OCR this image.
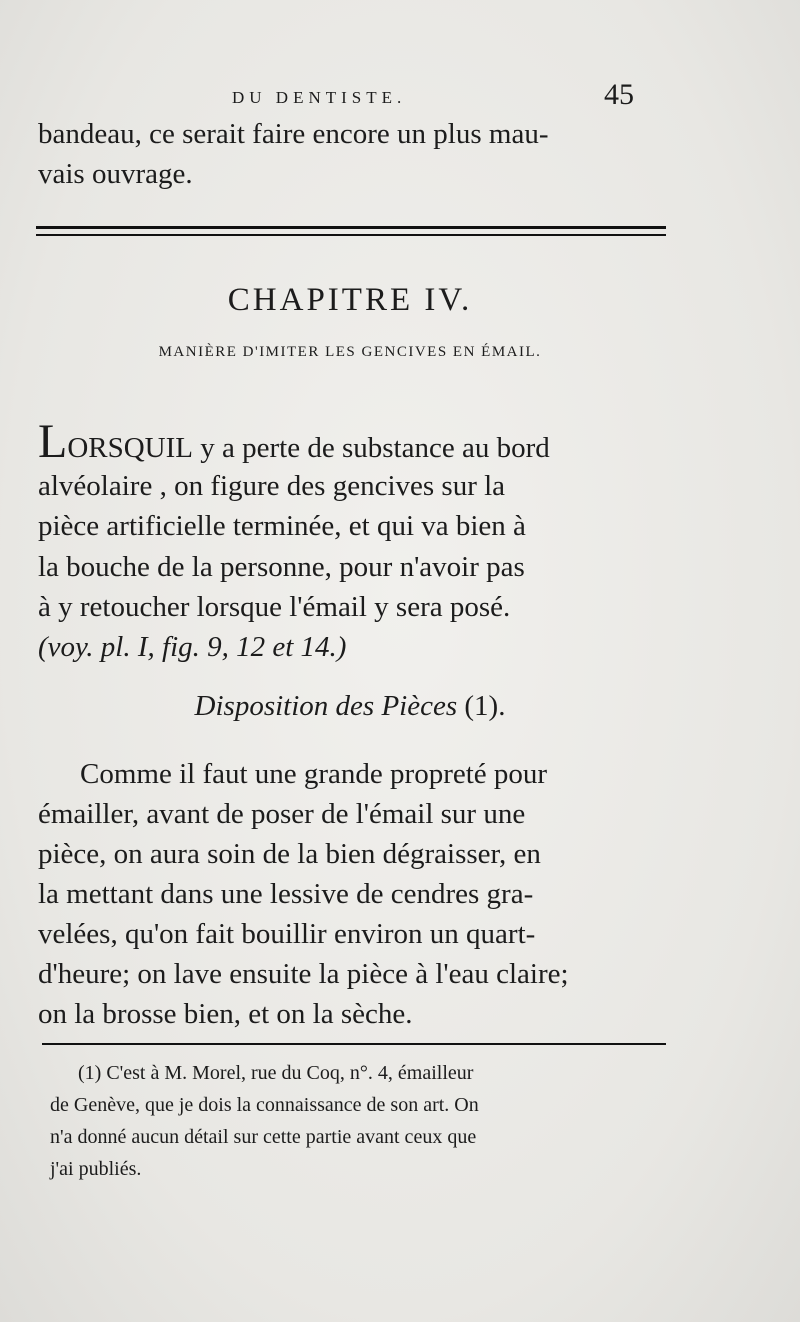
DU DENTISTE.	45
bandeau, ce serait faire encore un plus mau-
vais ouvrage.
CHAPITRE IV.
MANIÈRE D'IMITER LES GENCIVES EN ÉMAIL.
LORSQUIL y a perte de substance au bord
alvéolaire , on figure des gencives sur la
pièce artificielle terminée, et qui va bien à
la bouche de la personne, pour n'avoir pas
à y retoucher lorsque l'émail y sera posé.
(voy. pl. I, fig. 9, 12 et 14.)
Disposition des Pièces (1).
Comme il faut une grande propreté pour
émailler, avant de poser de l'émail sur une
pièce, on aura soin de la bien dégraisser, en
la mettant dans une lessive de cendres gra-
velées, qu'on fait bouillir environ un quart-
d'heure; on lave ensuite la pièce à l'eau claire;
on la brosse bien, et on la sèche.
(1) C'est à M. Morel, rue du Coq, n°. 4, émailleur
de Genève, que je dois la connaissance de son art. On
n'a donné aucun détail sur cette partie avant ceux que
j'ai publiés.
